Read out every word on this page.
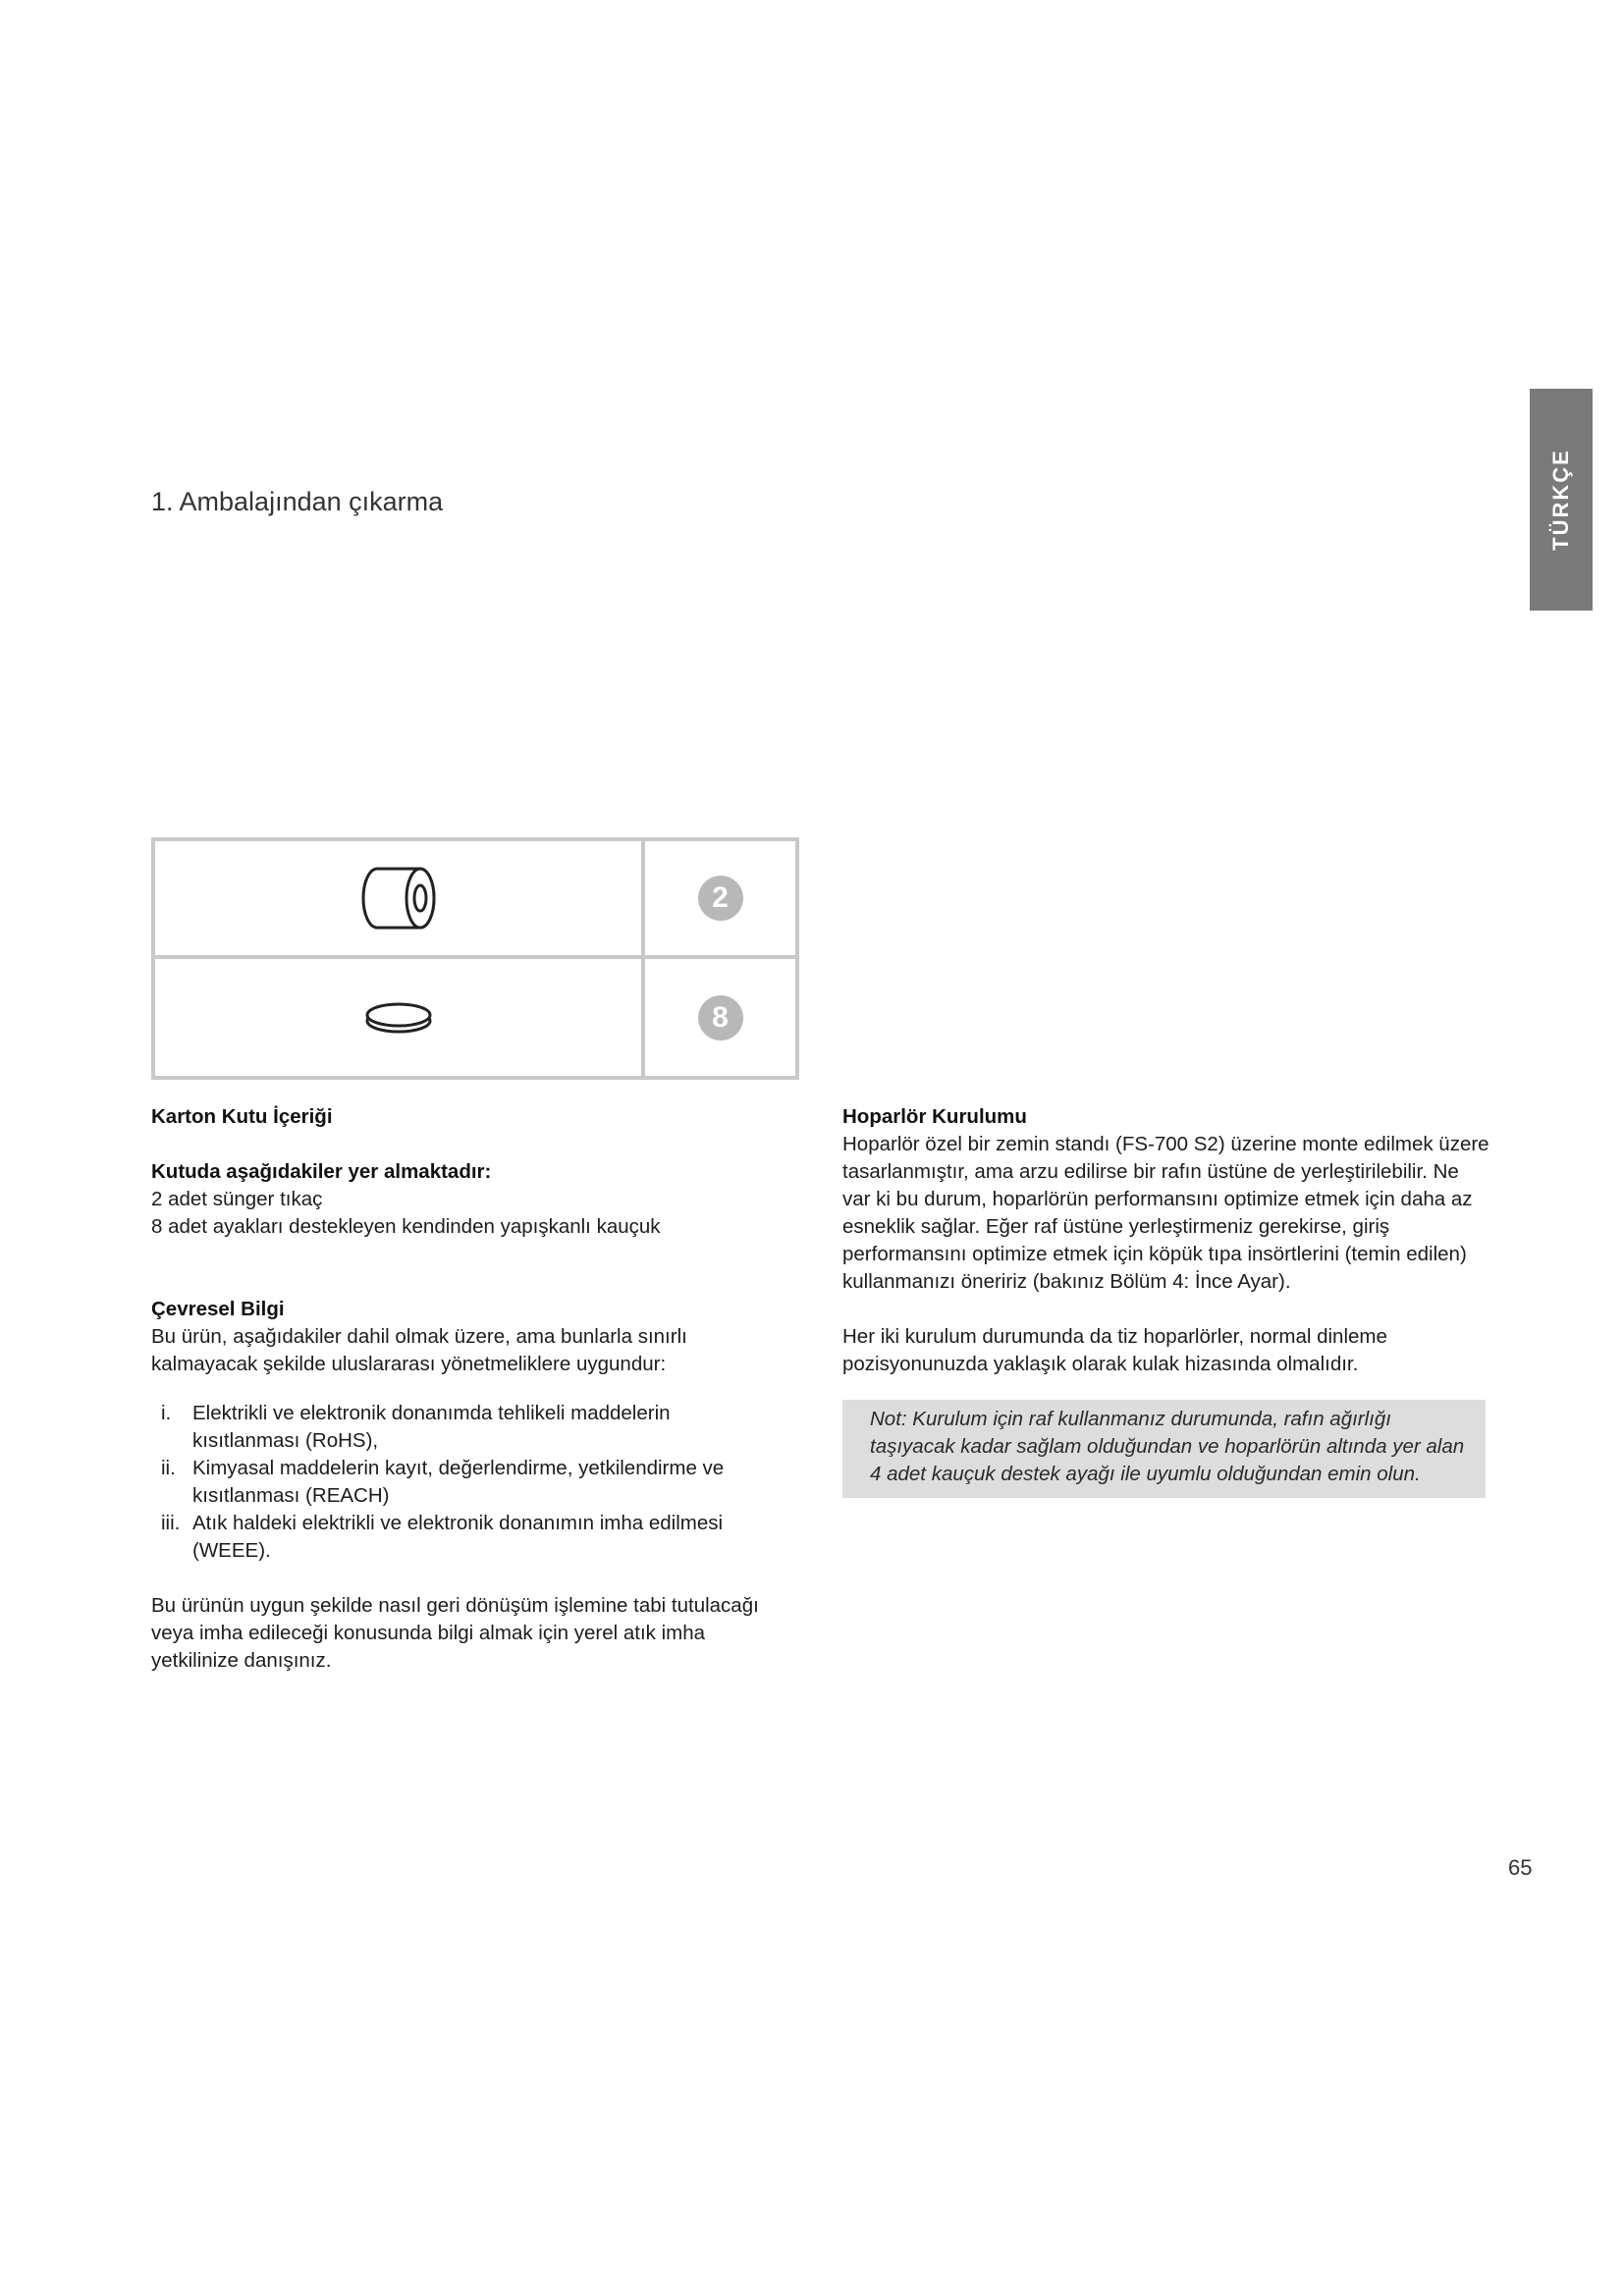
TÜRKÇE
1. Ambalajından çıkarma
2
8
Karton Kutu İçeriği
Kutuda aşağıdakiler yer almaktadır:
2 adet sünger tıkaç
8 adet ayakları destekleyen kendinden yapışkanlı kauçuk
Çevresel Bilgi
Bu ürün, aşağıdakiler dahil olmak üzere, ama bunlarla sınırlı kalmayacak şekilde uluslararası yönetmeliklere uygundur:
i.	Elektrikli ve elektronik donanımda tehlikeli maddelerin kısıtlanması (RoHS),
ii. Kimyasal maddelerin kayıt, değerlendirme, yetkilendirme ve kısıtlanması (REACH)
iii. Atık haldeki elektrikli ve elektronik donanımın imha edilmesi (WEEE).
Bu ürünün uygun şekilde nasıl geri dönüşüm işlemine tabi tutulacağı veya imha edileceği konusunda bilgi almak için yerel atık imha yetkilinize danışınız.
Hoparlör Kurulumu
Hoparlör özel bir zemin standı (FS-700 S2) üzerine monte edilmek üzere tasarlanmıştır, ama arzu edilirse bir rafın üstüne de yerleştirilebilir. Ne var ki bu durum, hoparlörün performansını optimize etmek için daha az esneklik sağlar. Eğer raf üstüne yerleştirmeniz gerekirse, giriş performansını optimize etmek için köpük tıpa insörtlerini (temin edilen) kullanmanızı öneririz (bakınız Bölüm 4: İnce Ayar).
Her iki kurulum durumunda da tiz hoparlörler, normal dinleme pozisyonunuzda yaklaşık olarak kulak hizasında olmalıdır.
Not: Kurulum için raf kullanmanız durumunda, rafın ağırlığı taşıyacak kadar sağlam olduğundan ve hoparlörün altında yer alan 4 adet kauçuk destek ayağı ile uyumlu olduğundan emin olun.
65
